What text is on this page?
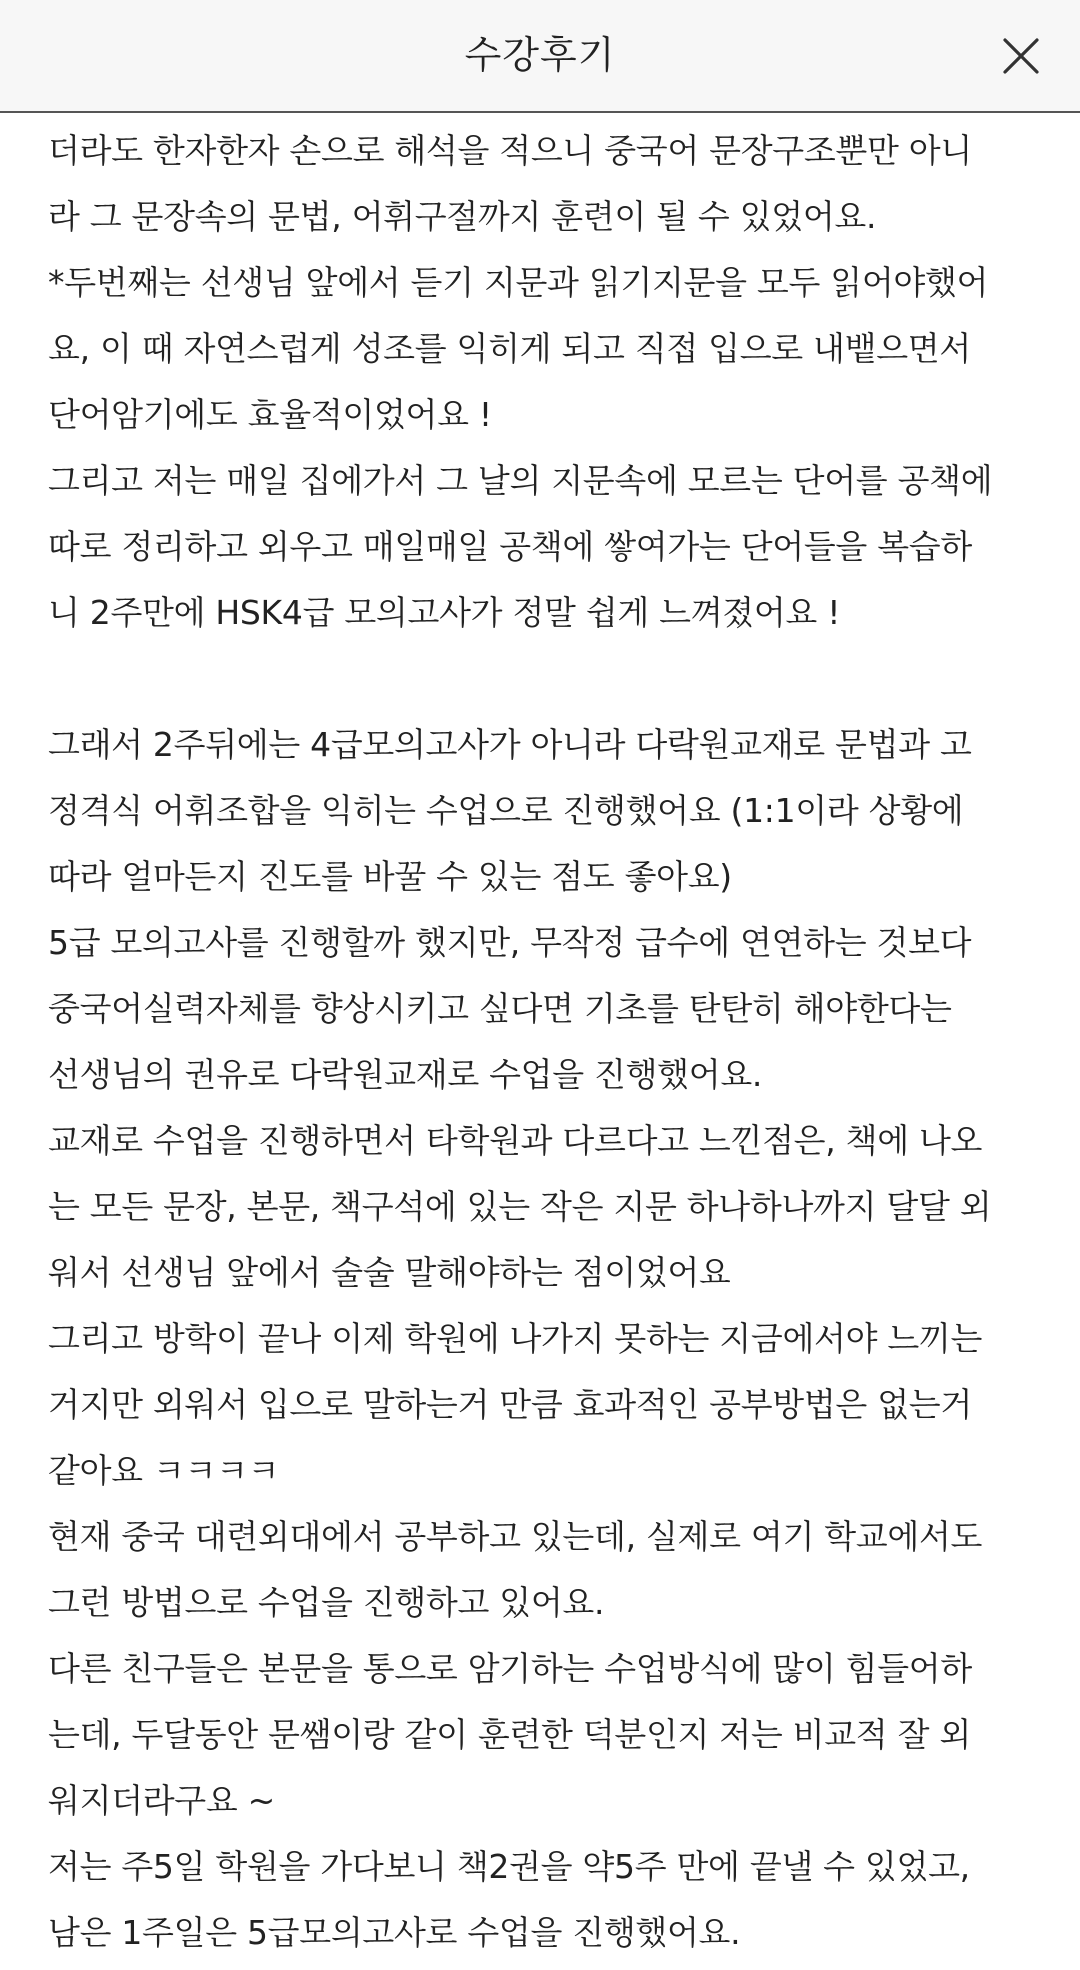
수강후기
더라도 한자한자 손으로 해석을 적으니 중국어 문장구조뿐만 아니
라 그 문장속의 문법, 어휘구절까지 훈련이 될 수 있었어요.
*두번째는 선생님 앞에서 듣기 지문과 읽기지문을 모두 읽어야했어
요, 이 때 자연스럽게 성조를 익히게 되고 직접 입으로 내뱉으면서
단어암기에도 효율적이었어요 !
그리고 저는 매일 집에가서 그 날의 지문속에 모르는 단어를 공책에
따로 정리하고 외우고 매일매일 공책에 쌓여가는 단어들을 복습하
니 2주만에 HSK4급 모의고사가 정말 쉽게 느껴졌어요 !
그래서 2주뒤에는 4급모의고사가 아니라 다락원교재로 문법과 고
정격식 어휘조합을 익히는 수업으로 진행했어요 (1:1이라 상황에
따라 얼마든지 진도를 바꿀 수 있는 점도 좋아요)
5급 모의고사를 진행할까 했지만, 무작정 급수에 연연하는 것보다
중국어실력자체를 향상시키고 싶다면 기초를 탄탄히 해야한다는
선생님의 권유로 다락원교재로 수업을 진행했어요.
교재로 수업을 진행하면서 타학원과 다르다고 느낀점은, 책에 나오
는 모든 문장, 본문, 책구석에 있는 작은 지문 하나하나까지 달달 외
워서 선생님 앞에서 술술 말해야하는 점이었어요
그리고 방학이 끝나 이제 학원에 나가지 못하는 지금에서야 느끼는
거지만 외워서 입으로 말하는거 만큼 효과적인 공부방법은 없는거
같아요 ㅋㅋㅋㅋ
현재 중국 대련외대에서 공부하고 있는데, 실제로 여기 학교에서도
그런 방법으로 수업을 진행하고 있어요.
다른 친구들은 본문을 통으로 암기하는 수업방식에 많이 힘들어하
는데, 두달동안 문쌤이랑 같이 훈련한 덕분인지 저는 비교적 잘 외
워지더라구요 ~
저는 주5일 학원을 가다보니 책2권을 약5주 만에 끝낼 수 있었고,
남은 1주일은 5급모의고사로 수업을 진행했어요.
